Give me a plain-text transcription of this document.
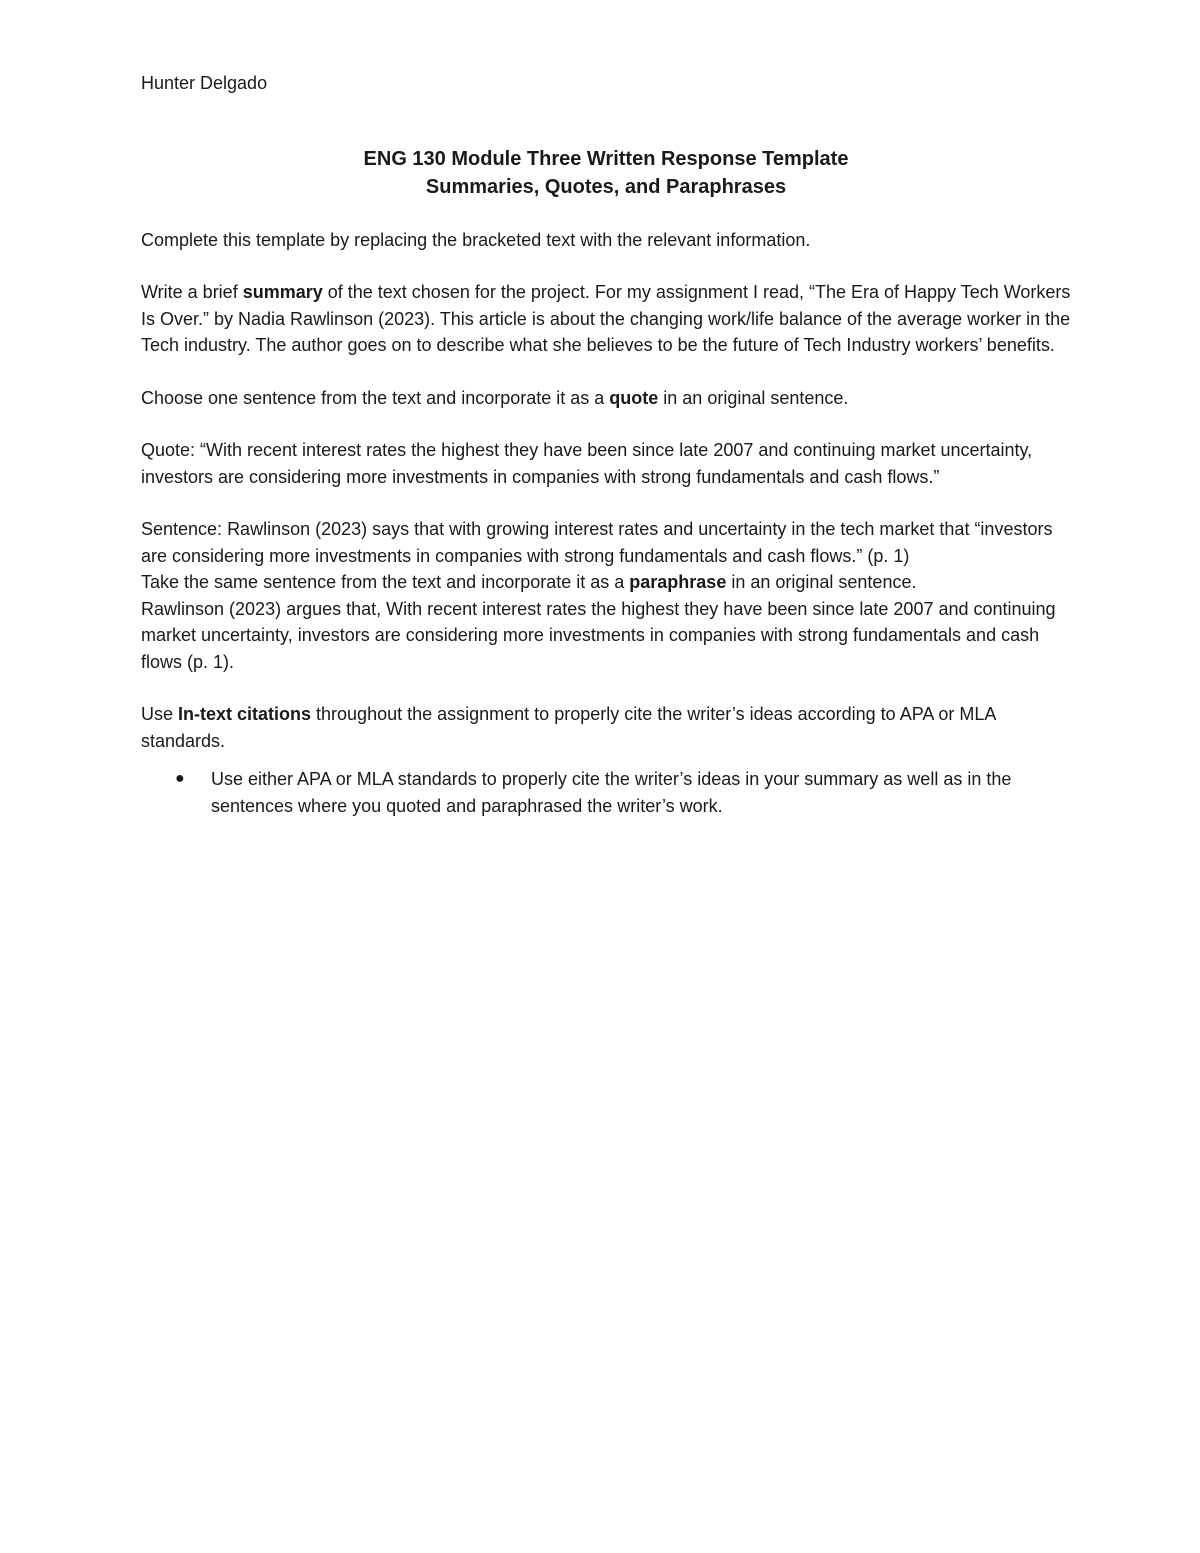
Hunter Delgado
ENG 130 Module Three Written Response Template
Summaries, Quotes, and Paraphrases

Complete this template by replacing the bracketed text with the relevant information.

Write a brief summary of the text chosen for the project. For my assignment I read, “The Era of Happy Tech Workers Is Over.” by Nadia Rawlinson (2023). This article is about the changing work/life balance of the average worker in the Tech industry. The author goes on to describe what she believes to be the future of Tech Industry workers’ benefits.

Choose one sentence from the text and incorporate it as a quote in an original sentence.

Quote: “With recent interest rates the highest they have been since late 2007 and continuing market uncertainty, investors are considering more investments in companies with strong fundamentals and cash flows.”

Sentence: Rawlinson (2023) says that with growing interest rates and uncertainty in the tech market that “investors are considering more investments in companies with strong fundamentals and cash flows.” (p. 1)

Take the same sentence from the text and incorporate it as a paraphrase in an original sentence.

Rawlinson (2023) argues that, With recent interest rates the highest they have been since late 2007 and continuing market uncertainty, investors are considering more investments in companies with strong fundamentals and cash flows (p. 1).

Use In-text citations throughout the assignment to properly cite the writer’s ideas according to APA or MLA standards.

● Use either APA or MLA standards to properly cite the writer’s ideas in your summary as well as in the sentences where you quoted and paraphrased the writer’s work.
